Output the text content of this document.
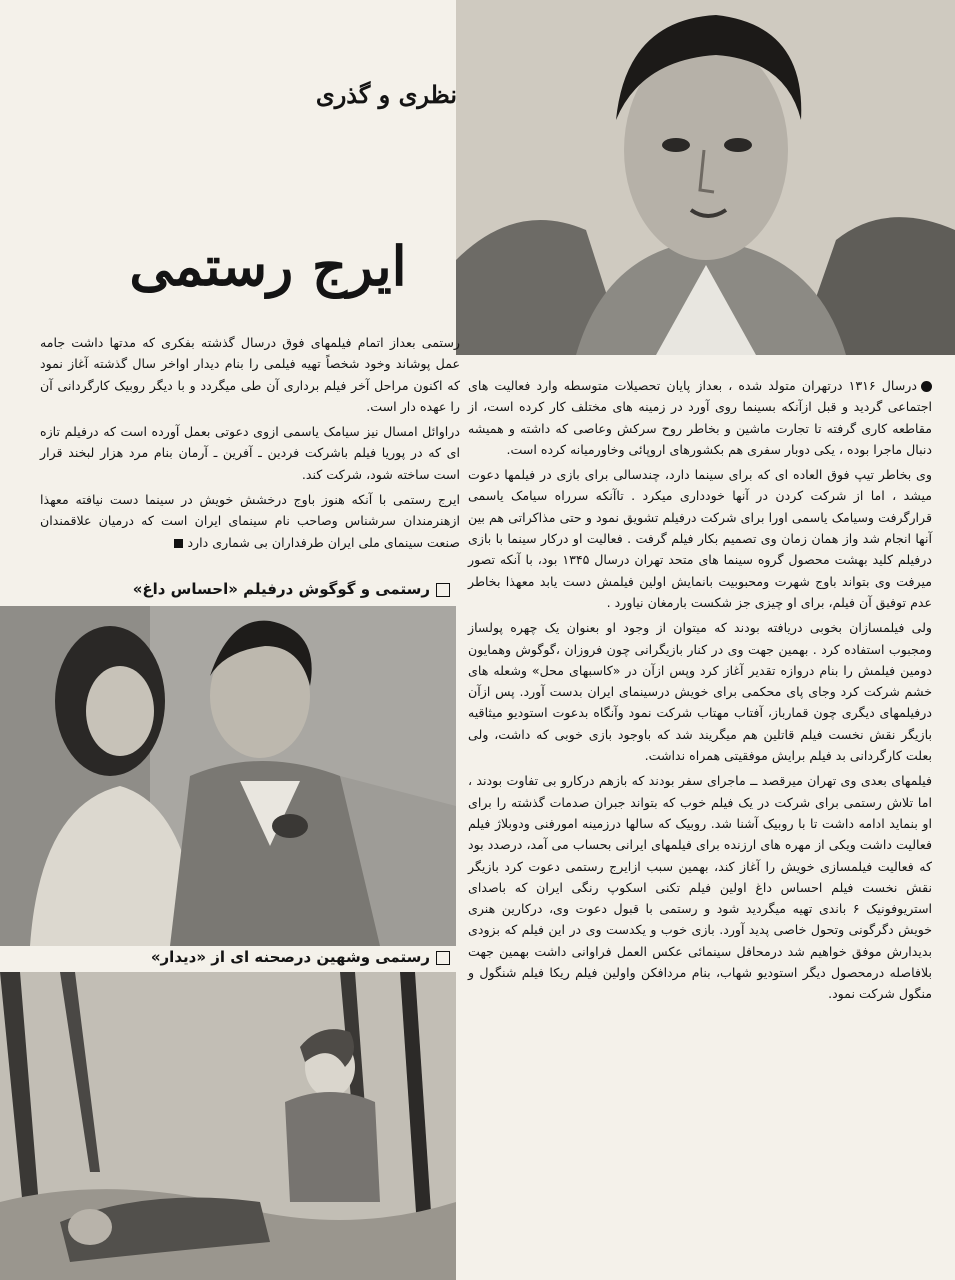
نظری و گذری
ایرج رستمی

رستمی بعداز اتمام فیلمهای فوق درسال گذشته بفکری که مدتها داشت جامه عمل پوشاند وخود شخصاً تهیه فیلمی را بنام دیدار اواخر سال گذشته آغاز نمود که اکنون مراحل آخر فیلم برداری آن طی میگردد و با دیگر روبیک کارگردانی آن را عهده دار است.

دراوائل امسال نیز سیامک یاسمی ازوی دعوتی بعمل آورده است که درفیلم تازه ای که در پوریا فیلم باشرکت فردین ـ آفرین ـ آرمان بنام مرد هزار لبخند قرار است ساخته شود، شرکت کند.

ایرج رستمی با آنکه هنوز باوج درخشش خویش در سینما دست نیافته معهذا ازهنرمندان سرشناس وصاحب نام سینمای ایران است که درمیان علاقمندان صنعت سینمای ملی ایران طرفداران بی شماری دارد

رستمی و گوگوش درفیلم «احساس داغ»
رستمی وشهین درصحنه ای از «دیدار»

درسال ۱۳۱۶ درتهران متولد شده ، بعداز پایان تحصیلات متوسطه وارد فعالیت های اجتماعی گردید و قبل ازآنکه بسینما روی آورد در زمینه های مختلف کار کرده است، از مقاطعه کاری گرفته تا تجارت ماشین و بخاطر روح سرکش وعاصی که داشته و همیشه دنبال ماجرا بوده ، یکی دوبار سفری هم بکشورهای اروپائی وخاورمیانه کرده است.

وی بخاطر تیپ فوق العاده ای که برای سینما دارد، چندسالی برای بازی در فیلمها دعوت میشد ، اما از شرکت کردن در آنها خودداری میکرد . تاآنکه سرراه سیامک یاسمی قرارگرفت وسیامک یاسمی اورا برای شرکت درفیلم تشویق نمود و حتی مذاکراتی هم بین آنها انجام شد واز همان زمان وی تصمیم بکار فیلم گرفت . فعالیت او درکار سینما با بازی درفیلم کلید بهشت محصول گروه سینما های متحد تهران درسال ۱۳۴۵ بود، با آنکه تصور میرفت وی بتواند باوج شهرت ومحبوبیت بانمایش اولین فیلمش دست یابد معهذا بخاطر عدم توفیق آن فیلم، برای او چیزی جز شکست بارمغان نیاورد .

ولی فیلمسازان بخوبی دریافته بودند که میتوان از وجود او بعنوان یک چهره پولساز ومجبوب استفاده کرد . بهمین جهت وی در کنار بازیگرانی چون فروزان ،گوگوش وهمایون دومین فیلمش را بنام دروازه تقدیر آغاز کرد وپس ازآن در «کاسبهای محل» وشعله های خشم شرکت کرد وجای پای محکمی برای خویش درسینمای ایران بدست آورد. پس ازآن درفیلمهای دیگری چون قمارباز، آفتاب مهتاب شرکت نمود وآنگاه بدعوت استودیو میثاقیه بازیگر نقش نخست فیلم قاتلین هم میگریند شد که باوجود بازی خوبی که داشت، ولی بعلت کارگردانی بد فیلم برایش موفقیتی همراه نداشت.

فیلمهای بعدی وی تهران میرقصد ــ ماجرای سفر بودند که بازهم درکارو بی تفاوت بودند ، اما تلاش رستمی برای شرکت در یک فیلم خوب که بتواند جبران صدمات گذشته را برای او بنماید ادامه داشت تا با روبیک آشنا شد. روبیک که سالها درزمینه امورفنی ودوبلاژ فیلم فعالیت داشت ویکی از مهره های ارزنده برای فیلمهای ایرانی بحساب می آمد، درصدد بود که فعالیت فیلمسازی خویش را آغاز کند، بهمین سبب ازایرج رستمی دعوت کرد بازیگر نقش نخست فیلم احساس داغ اولین فیلم تکنی اسکوپ رنگی ایران که باصدای استریوفونیک ۶ باندی تهیه میگردید شود و رستمی با قبول دعوت وی، درکارین هنری خویش دگرگونی وتحول خاصی پدید آورد. بازی خوب و یکدست وی در این فیلم که بزودی بدیدارش موفق خواهیم شد درمحافل سینمائی عکس العمل فراوانی داشت بهمین جهت بلافاصله درمحصول دیگر استودیو شهاب، بنام مردافکن واولین فیلم ریکا فیلم شنگول و منگول شرکت نمود.
